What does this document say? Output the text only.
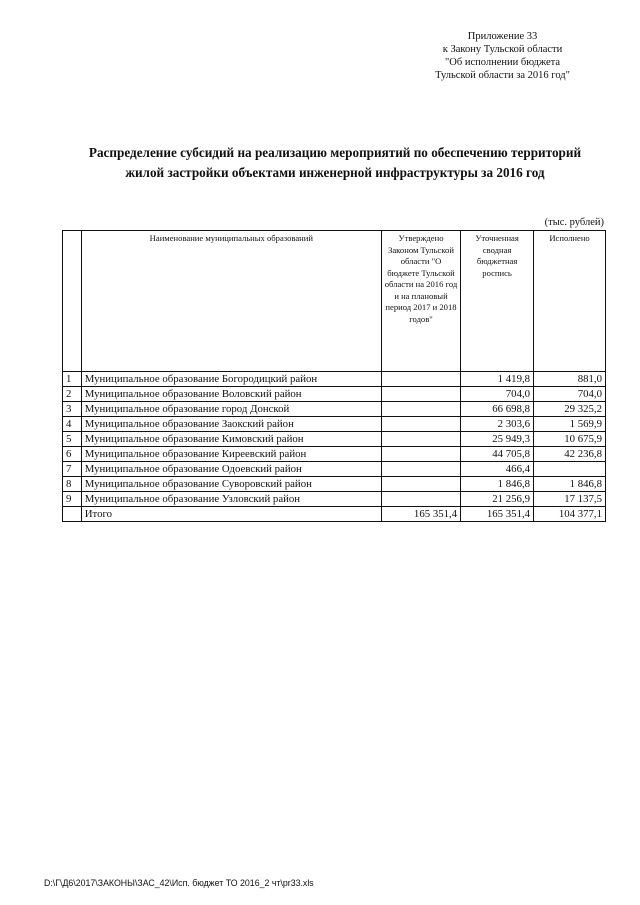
Приложение 33
к Закону Тульской области
"Об исполнении бюджета
Тульской области за 2016 год"
Распределение субсидий на реализацию мероприятий по обеспечению территорий
жилой застройки объектами инженерной инфраструктуры за 2016 год
(тыс. рублей)
	Наименование муниципальных образований	Утверждено Законом Тульской области "О бюджете Тульской области на 2016 год и на плановый период 2017 и 2018 годов"	Уточненная сводная бюджетная роспись	Исполнено
1	Муниципальное образование Богородицкий район		1 419,8	881,0
2	Муниципальное образование Воловский район		704,0	704,0
3	Муниципальное образование город Донской		66 698,8	29 325,2
4	Муниципальное образование Заокский район		2 303,6	1 569,9
5	Муниципальное образование Кимовский район		25 949,3	10 675,9
6	Муниципальное образование Киреевский район		44 705,8	42 236,8
7	Муниципальное образование Одоевский район		466,4	
8	Муниципальное образование Суворовский район		1 846,8	1 846,8
9	Муниципальное образование Узловский район		21 256,9	17 137,5
	Итого	165 351,4	165 351,4	104 377,1
D:\Г\Д6\2017\ЗАКОНЫ\ЗАС_42\Исп. бюджет ТО 2016_2 чт\pr33.xls
